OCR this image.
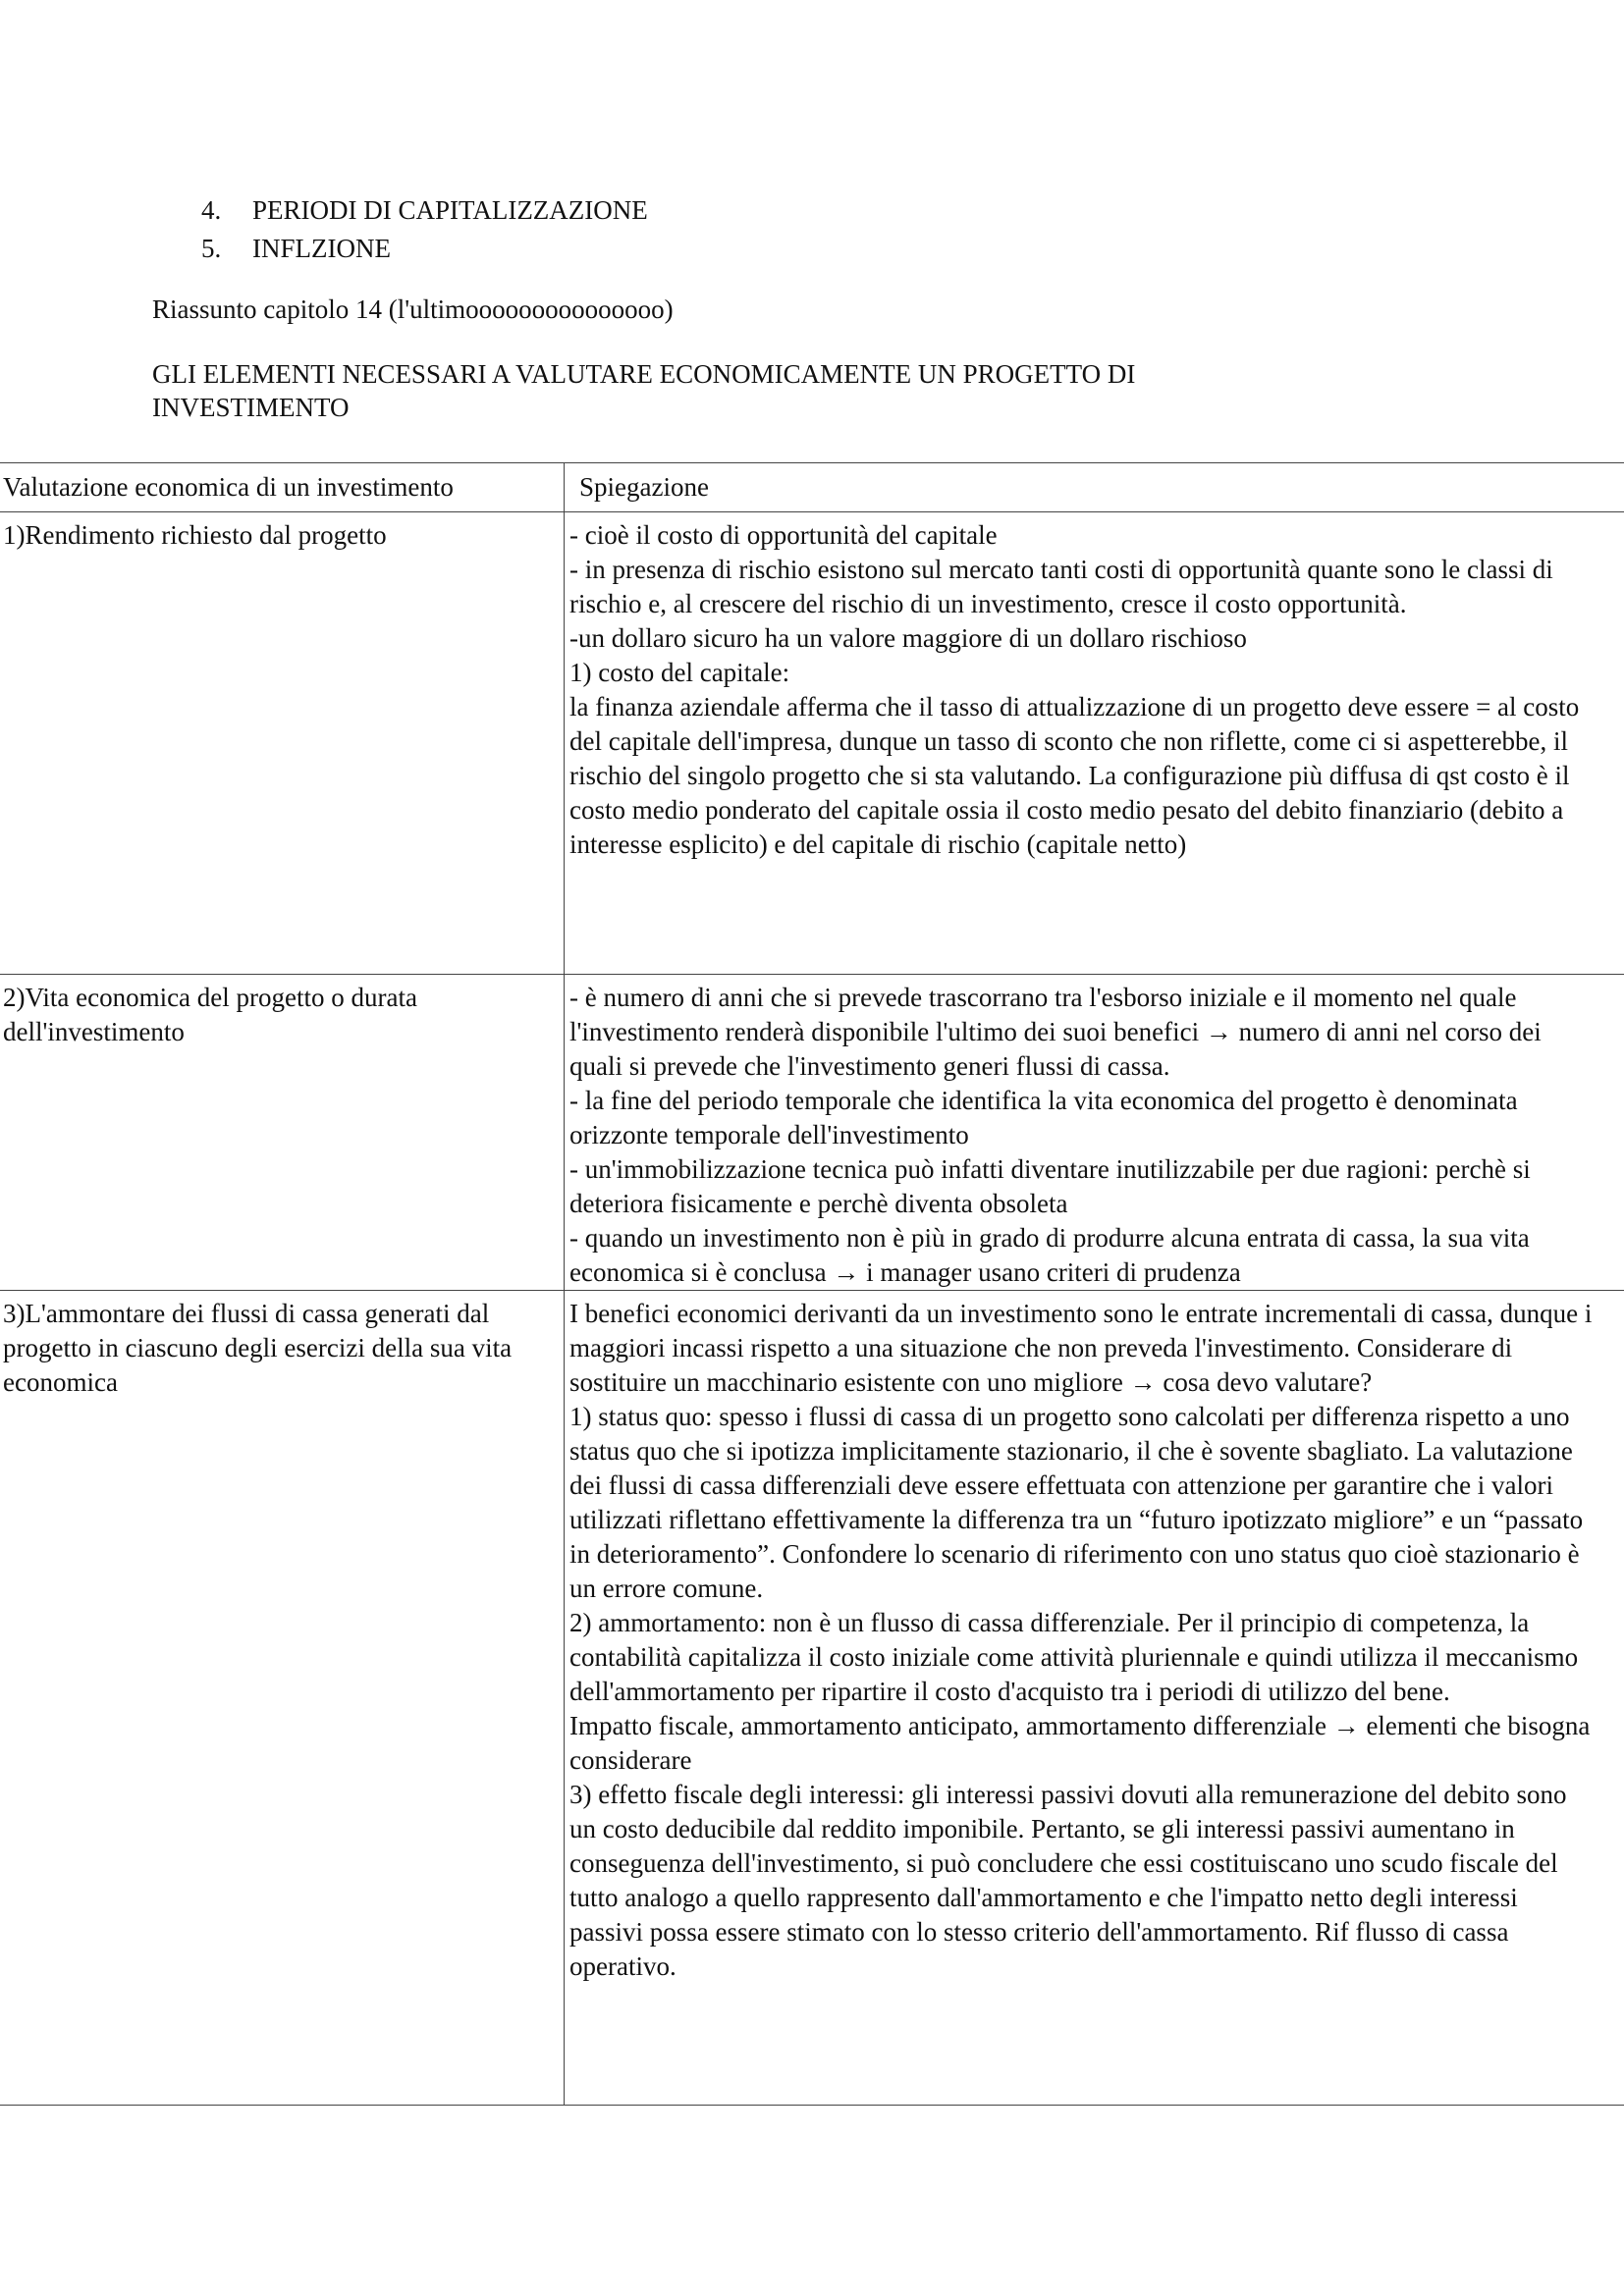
4.	PERIODI DI CAPITALIZZAZIONE
5.	INFLZIONE
Riassunto capitolo 14 (l'ultimooooooooooooooo)
GLI ELEMENTI NECESSARI A VALUTARE ECONOMICAMENTE UN PROGETTO DI INVESTIMENTO
Valutazione economica di un investimento	Spiegazione
1)Rendimento richiesto dal progetto	- cioè il costo di opportunità del capitale
- in presenza di rischio esistono sul mercato tanti costi di opportunità quante sono le classi di rischio e, al crescere del rischio di un investimento, cresce il costo opportunità.
-un dollaro sicuro ha un valore maggiore di un dollaro rischioso
1) costo del capitale:
la finanza aziendale afferma che il tasso di attualizzazione di un progetto deve essere = al costo del capitale dell'impresa, dunque un tasso di sconto che non riflette, come ci si aspetterebbe, il rischio del singolo progetto che si sta valutando. La configurazione più diffusa di qst costo è il costo medio ponderato del capitale ossia il costo medio pesato del debito finanziario (debito a interesse esplicito) e del capitale di rischio (capitale netto)

2)Vita economica del progetto o durata dell'investimento	- è numero di anni che si prevede trascorrano tra l'esborso iniziale e il momento nel quale l'investimento renderà disponibile l'ultimo dei suoi benefici → numero di anni nel corso dei quali si prevede che l'investimento generi flussi di cassa.
- la fine del periodo temporale che identifica la vita economica del progetto è denominata orizzonte temporale dell'investimento
- un'immobilizzazione tecnica può infatti diventare inutilizzabile per due ragioni: perchè si deteriora fisicamente e perchè diventa obsoleta
- quando un investimento non è più in grado di produrre alcuna entrata di cassa, la sua vita economica si è conclusa → i manager usano criteri di prudenza

3)L'ammontare dei flussi di cassa generati dal progetto in ciascuno degli esercizi della sua vita economica	I benefici economici derivanti da un investimento sono le entrate incrementali di cassa, dunque i maggiori incassi rispetto a una situazione che non preveda l'investimento. Considerare di sostituire un macchinario esistente con uno migliore → cosa devo valutare?
1) status quo: spesso i flussi di cassa di un progetto sono calcolati per differenza rispetto a uno status quo che si ipotizza implicitamente stazionario, il che è sovente sbagliato. La valutazione dei flussi di cassa differenziali deve essere effettuata con attenzione per garantire che i valori utilizzati riflettano effettivamente la differenza tra un “futuro ipotizzato migliore” e un “passato in deterioramento”. Confondere lo scenario di riferimento con uno status quo cioè stazionario è un errore comune.
2) ammortamento: non è un flusso di cassa differenziale. Per il principio di competenza, la contabilità capitalizza il costo iniziale come attività pluriennale e quindi utilizza il meccanismo dell'ammortamento per ripartire il costo d'acquisto tra i periodi di utilizzo del bene.
Impatto fiscale, ammortamento anticipato, ammortamento differenziale → elementi che bisogna considerare
3) effetto fiscale degli interessi: gli interessi passivi dovuti alla remunerazione del debito sono un costo deducibile dal reddito imponibile. Pertanto, se gli interessi passivi aumentano in conseguenza dell'investimento, si può concludere che essi costituiscano uno scudo fiscale del tutto analogo a quello rappresento dall'ammortamento e che l'impatto netto degli interessi passivi possa essere stimato con lo stesso criterio dell'ammortamento. Rif flusso di cassa operativo.
